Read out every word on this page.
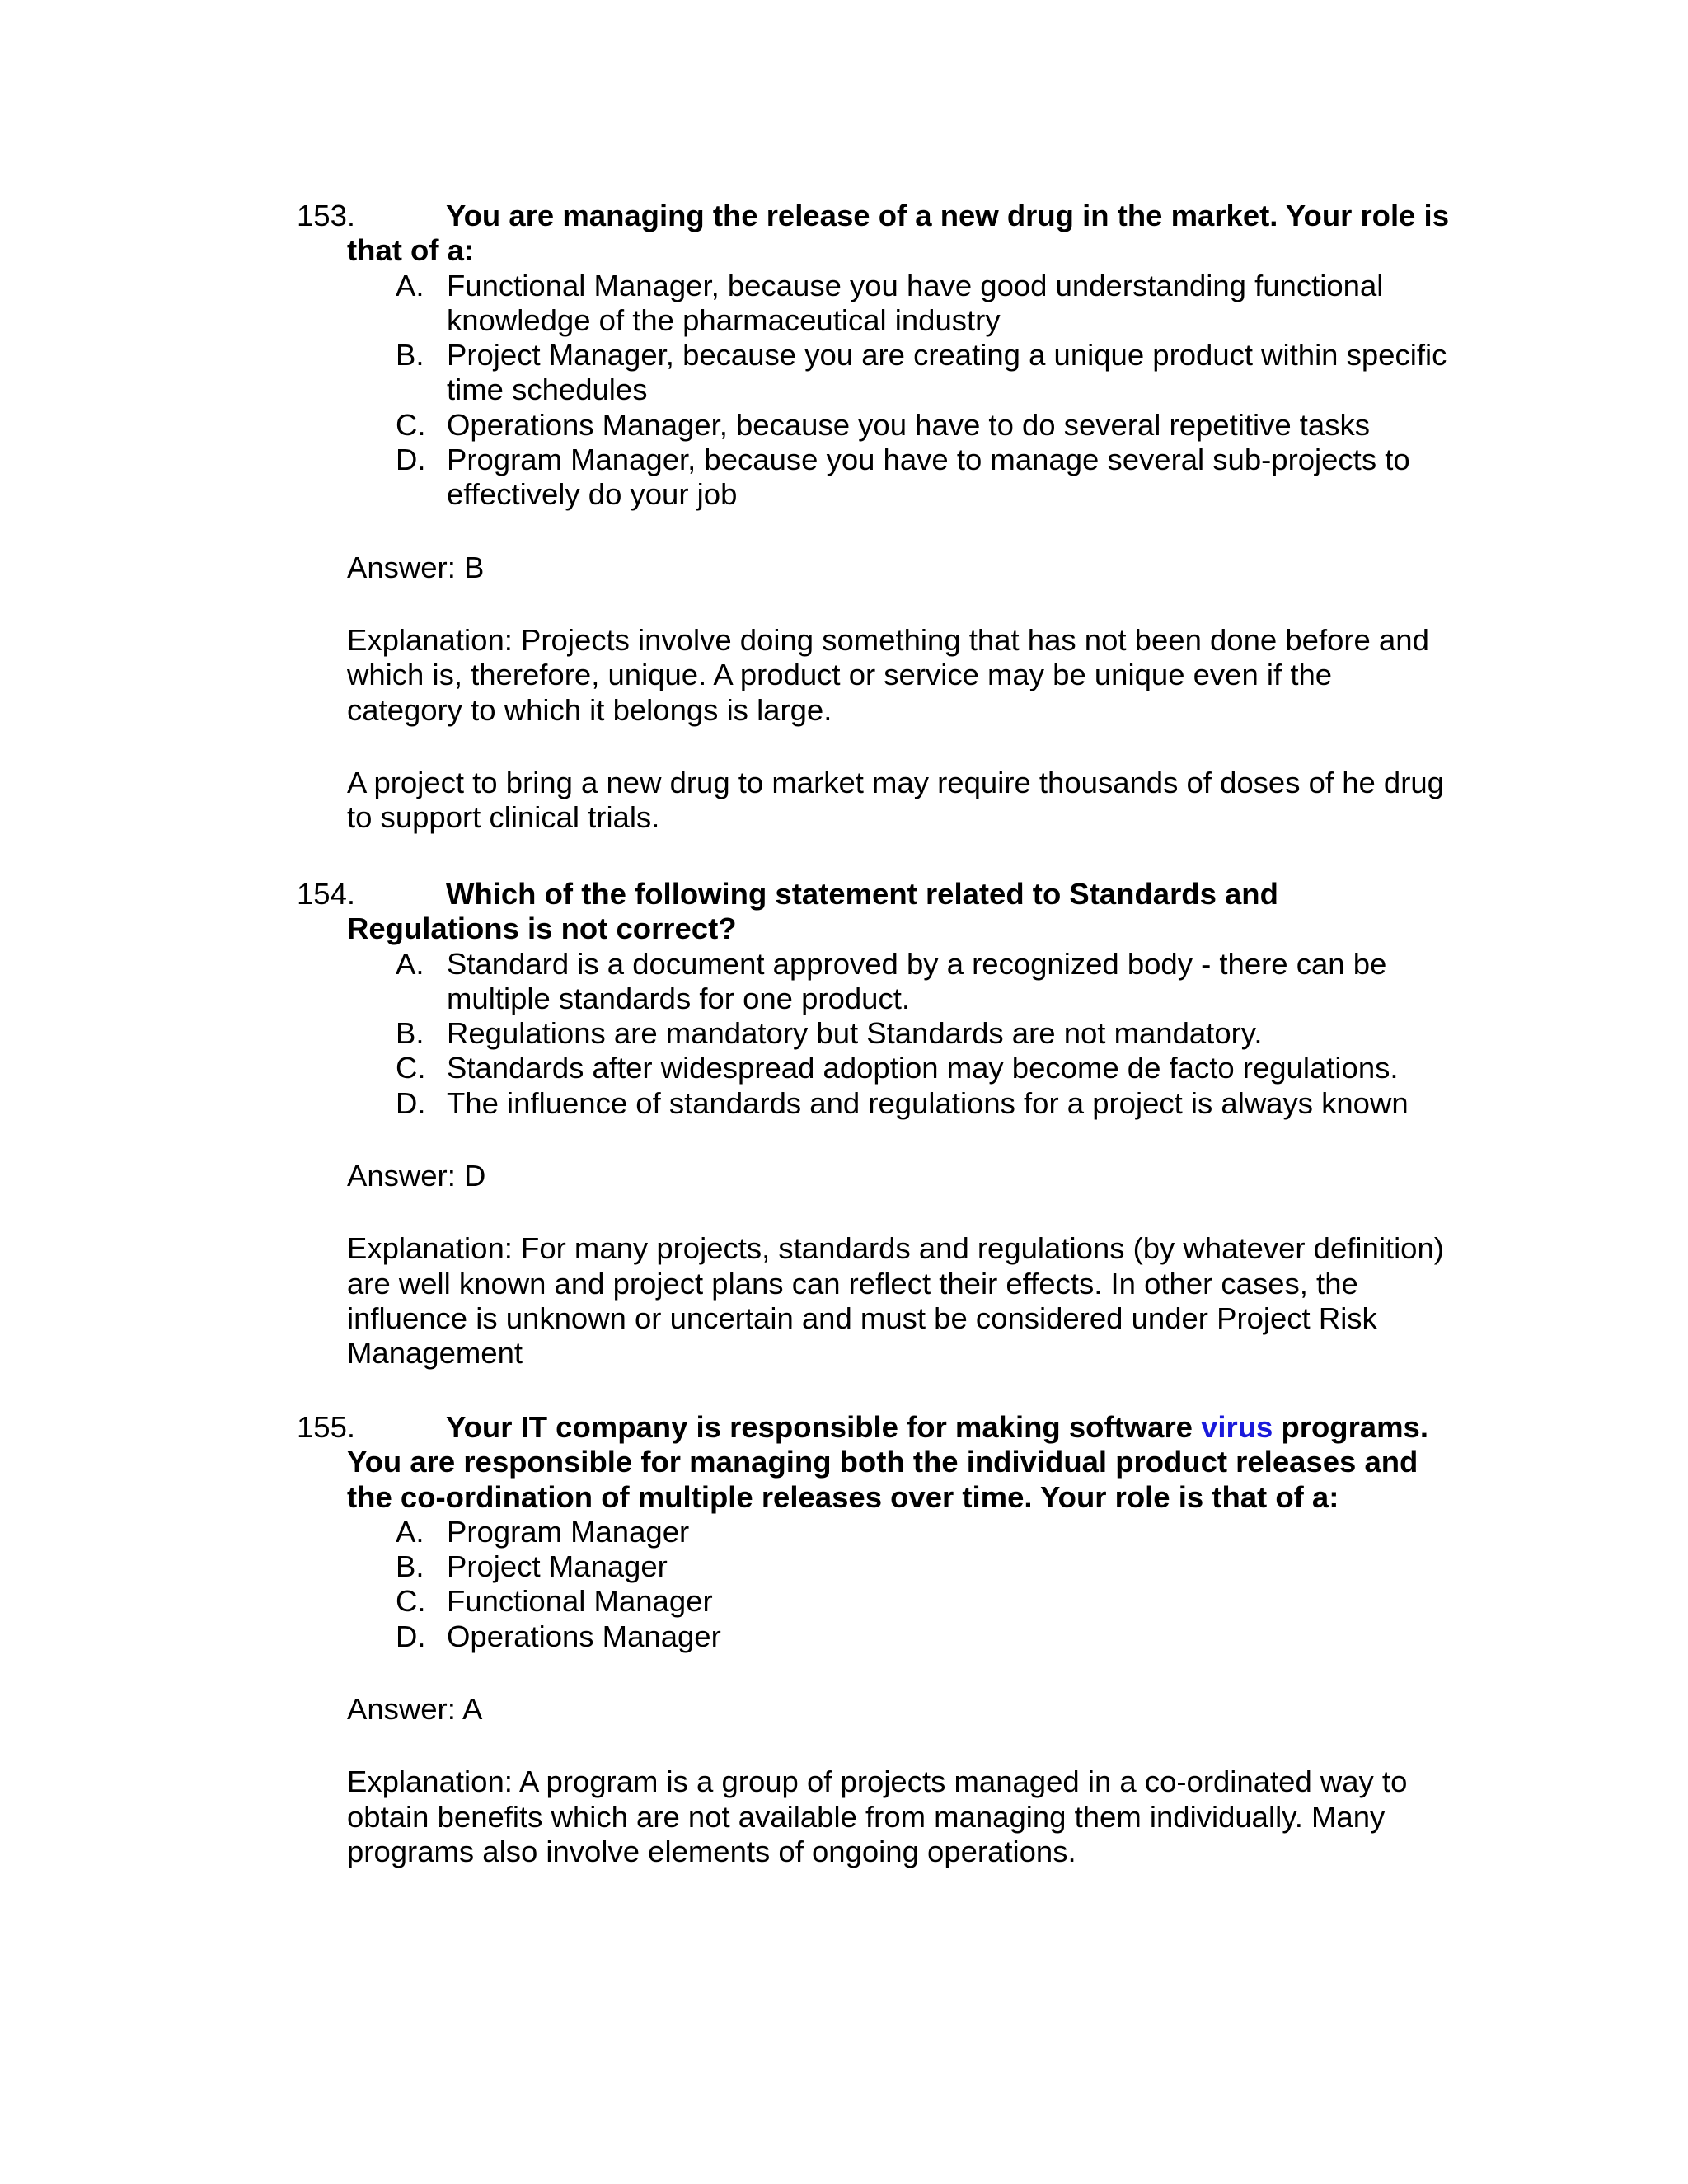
153.	You are managing the release of a new drug in the market. Your role is that of a:

A. Functional Manager, because you have good understanding functional knowledge of the pharmaceutical industry
B. Project Manager, because you are creating a unique product within specific time schedules
C. Operations Manager, because you have to do several repetitive tasks
D. Program Manager, because you have to manage several sub-projects to effectively do your job

Answer: B

Explanation: Projects involve doing something that has not been done before and which is, therefore, unique. A product or service may be unique even if the category to which it belongs is large.

A project to bring a new drug to market may require thousands of doses of he drug to support clinical trials.

154.	Which of the following statement related to Standards and Regulations is not correct?

A. Standard is a document approved by a recognized body - there can be multiple standards for one product.
B. Regulations are mandatory but Standards are not mandatory.
C. Standards after widespread adoption may become de facto regulations.
D. The influence of standards and regulations for a project is always known

Answer: D

Explanation: For many projects, standards and regulations (by whatever definition) are well known and project plans can reflect their effects. In other cases, the influence is unknown or uncertain and must be considered under Project Risk Management

155.	Your IT company is responsible for making software virus programs. You are responsible for managing both the individual product releases and the co-ordination of multiple releases over time. Your role is that of a:

A. Program Manager
B. Project Manager
C. Functional Manager
D. Operations Manager

Answer: A

Explanation: A program is a group of projects managed in a co-ordinated way to obtain benefits which are not available from managing them individually. Many programs also involve elements of ongoing operations.
